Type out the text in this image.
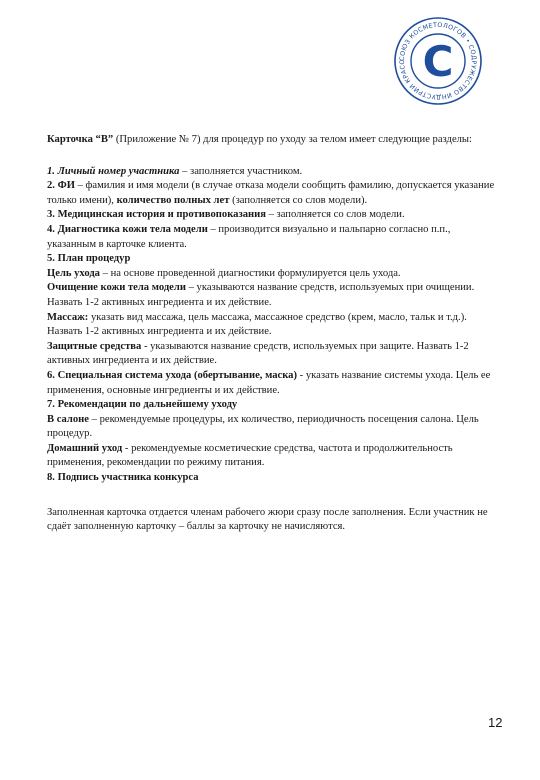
СОЮЗ КОСМЕТОЛОГОВ • СОДРУЖЕСТВО ИНДУСТРИИ КРАСО С

Карточка “В” (Приложение № 7) для процедур по уходу за телом имеет следующие разделы:

1. Личный номер участника – заполняется участником.

2. ФИ – фамилия и имя модели (в случае отказа модели сообщить фамилию, допускается указание только имени), количество полных лет (заполняется со слов модели).

3. Медицинская история и противопоказания – заполняется со слов модели.

4. Диагностика кожи тела модели – производится визуально и пальпарно согласно п.п., указанным в карточке клиента.

5. План процедур

Цель ухода – на основе проведенной диагностики формулируется цель ухода.

Очищение кожи тела модели – указываются название средств, используемых при очищении. Назвать 1-2 активных ингредиента и их действие.

Массаж: указать вид массажа, цель массажа, массажное средство (крем, масло, тальк и т.д.). Назвать 1-2 активных ингредиента и их действие.

Защитные средства - указываются название средств, используемых при защите. Назвать 1-2 активных ингредиента и их действие.

6. Специальная система ухода (обертывание, маска) - указать название системы ухода. Цель ее применения, основные ингредиенты и их действие.

7. Рекомендации по дальнейшему уходу

В салоне – рекомендуемые процедуры, их количество, периодичность посещения салона. Цель процедур.

Домашний уход - рекомендуемые косметические средства, частота и продолжительность применения, рекомендации по режиму питания.

8. Подпись участника конкурса

Заполненная карточка отдается членам рабочего жюри сразу после заполнения. Если участник не сдаёт заполненную карточку – баллы за карточку не начисляются.

12
